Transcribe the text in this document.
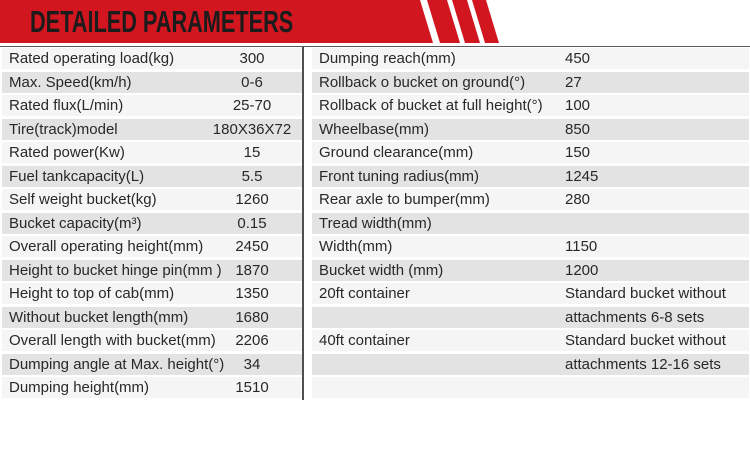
DETAILED PARAMETERS
Rated operating load(kg)	300
Max. Speed(km/h)	0-6
Rated flux(L/min)	25-70
Tire(track)model	180X36X72
Rated power(Kw)	15
Fuel tankcapacity(L)	5.5
Self weight bucket(kg)	1260
Bucket capacity(m³)	0.15
Overall operating height(mm)	2450
Height to bucket hinge pin(mm ) 1870
Height to top of cab(mm)	1350
Without bucket length(mm)	1680
Overall length with bucket(mm)	2206
Dumping angle at Max. height(°)	34
Dumping height(mm)	1510
Dumping reach(mm)	450
Rollback o bucket on ground(°)	27
Rollback of bucket at full height(°) 100
Wheelbase(mm)	850
Ground clearance(mm)	150
Front tuning radius(mm)	1245
Rear axle to bumper(mm)	280
Tread width(mm)
Width(mm)	1150
Bucket width (mm)	1200
20ft container	Standard bucket without
attachments 6-8 sets
40ft container	Standard bucket without
attachments 12-16 sets
